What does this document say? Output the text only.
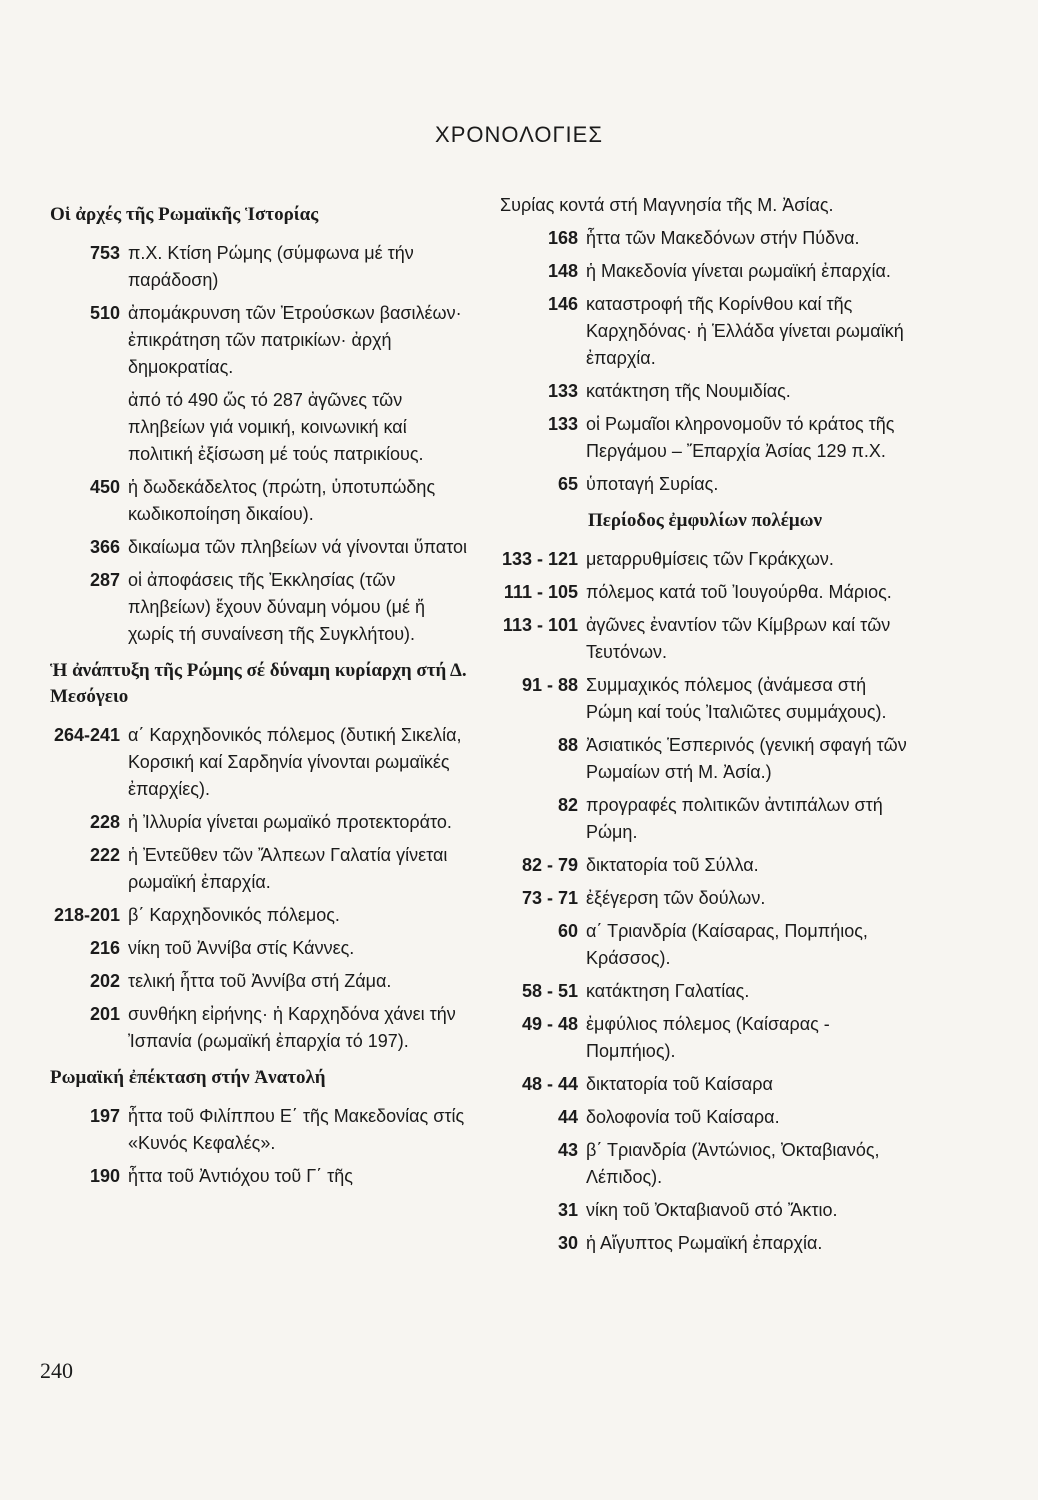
ΧΡΟΝΟΛΟΓΙΕΣ
Οἱ ἀρχές τῆς Ρωμαϊκῆς Ἱστορίας
753 π.Χ. Κτίση Ρώμης (σύμφωνα μέ τήν παράδοση)
510 ἀπομάκρυνση τῶν Ἐτρούσκων βασιλέων· ἐπικράτηση τῶν πατρικίων· ἀρχή δημοκρατίας.
ἀπό τό 490 ὥς τό 287 ἀγῶνες τῶν πληβείων γιά νομική, κοινωνική καί πολιτική ἐξίσωση μέ τούς πατρικίους.
450 ἡ δωδεκάδελτος (πρώτη, ὑποτυπώδης κωδικοποίηση δικαίου).
366 δικαίωμα τῶν πληβείων νά γίνονται ὕπατοι
287 οἱ ἀποφάσεις τῆς Ἐκκλησίας (τῶν πληβείων) ἔχουν δύναμη νόμου (μέ ἤ χωρίς τή συναίνεση τῆς Συγκλήτου).
Ἡ ἀνάπτυξη τῆς Ρώμης σέ δύναμη κυρίαρχη στή Δ. Μεσόγειο
264-241 α΄ Καρχηδονικός πόλεμος (δυτική Σικελία, Κορσική καί Σαρδηνία γίνονται ρωμαϊκές ἐπαρχίες).
228 ἡ Ἰλλυρία γίνεται ρωμαϊκό προτεκτοράτο.
222 ἡ Ἐντεῦθεν τῶν Ἄλπεων Γαλατία γίνεται ρωμαϊκή ἐπαρχία.
218-201 β΄ Καρχηδονικός πόλεμος.
216 νίκη τοῦ Ἀννίβα στίς Κάννες.
202 τελική ἧττα τοῦ Ἀννίβα στή Ζάμα.
201 συνθήκη εἰρήνης· ἡ Καρχηδόνα χάνει τήν Ἰσπανία (ρωμαϊκή ἐπαρχία τό 197).
Ρωμαϊκή ἐπέκταση στήν Ἀνατολή
197 ἧττα τοῦ Φιλίππου Ε΄ τῆς Μακεδονίας στίς «Κυνός Κεφαλές».
190 ἧττα τοῦ Ἀντιόχου τοῦ Γ΄ τῆς
Συρίας κοντά στή Μαγνησία τῆς Μ. Ἀσίας.
168 ἧττα τῶν Μακεδόνων στήν Πύδνα.
148 ἡ Μακεδονία γίνεται ρωμαϊκή ἐπαρχία.
146 καταστροφή τῆς Κορίνθου καί τῆς Καρχηδόνας· ἡ Ἑλλάδα γίνεται ρωμαϊκή ἐπαρχία.
133 κατάκτηση τῆς Νουμιδίας.
133 οἱ Ρωμαῖοι κληρονομοῦν τό κράτος τῆς Περγάμου – Ἔπαρχία Ἀσίας 129 π.Χ.
65 ὑποταγή Συρίας.
Περίοδος ἐμφυλίων πολέμων
133 - 121 μεταρρυθμίσεις τῶν Γκράκχων.
111 - 105 πόλεμος κατά τοῦ Ἰουγούρθα. Μάριος.
113 - 101 ἀγῶνες ἐναντίον τῶν Κίμβρων καί τῶν Τευτόνων.
91 - 88 Συμμαχικός πόλεμος (ἀνάμεσα στή Ρώμη καί τούς Ἰταλιῶτες συμμάχους).
88 Ἀσιατικός Ἑσπερινός (γενική σφαγή τῶν Ρωμαίων στή Μ. Ἀσία.)
82 προγραφές πολιτικῶν ἀντιπάλων στή Ρώμη.
82 - 79 δικτατορία τοῦ Σύλλα.
73 - 71 ἐξέγερση τῶν δούλων.
60 α΄ Τριανδρία (Καίσαρας, Πομπήιος, Κράσσος).
58 - 51 κατάκτηση Γαλατίας.
49 - 48 ἐμφύλιος πόλεμος (Καίσαρας - Πομπήιος).
48 - 44 δικτατορία τοῦ Καίσαρα
44 δολοφονία τοῦ Καίσαρα.
43 β΄ Τριανδρία (Ἀντώνιος, Ὀκταβιανός, Λέπιδος).
31 νίκη τοῦ Ὀκταβιανοῦ στό Ἄκτιο.
30 ἡ Αἴγυπτος Ρωμαϊκή ἐπαρχία.
240
